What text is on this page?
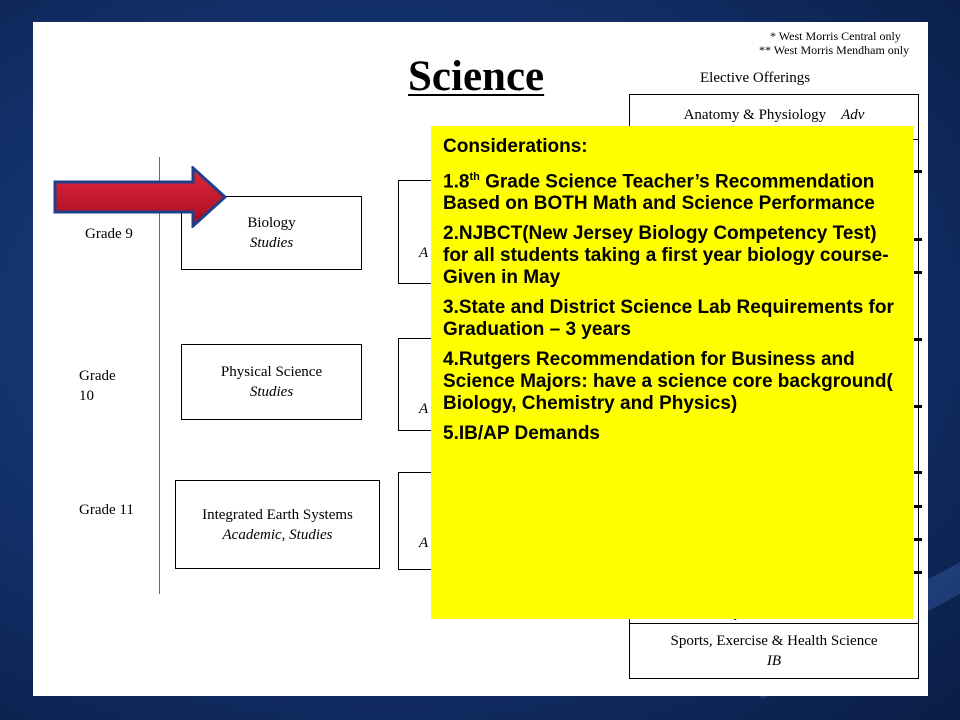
* West Morris Central only
** West Morris Mendham only
Science	Elective Offerings
Grade 9
Grade
10
Grade 11
Biology
Studies
Physical Science
Studies
Integrated Earth Systems
Academic, Studies
A
A
A
Anatomy & Physiology Adv
Sports, Exercise & Health Science
IB

Considerations:

1.8th Grade Science Teacher’s Recommendation Based on BOTH Math and Science Performance

2.NJBCT(New Jersey Biology Competency Test) for all students taking a first year biology course- Given in May

3.State and District Science Lab Requirements for Graduation – 3 years

4.Rutgers Recommendation for Business and Science Majors: have a science core background( Biology, Chemistry and Physics)

5.IB/AP Demands
